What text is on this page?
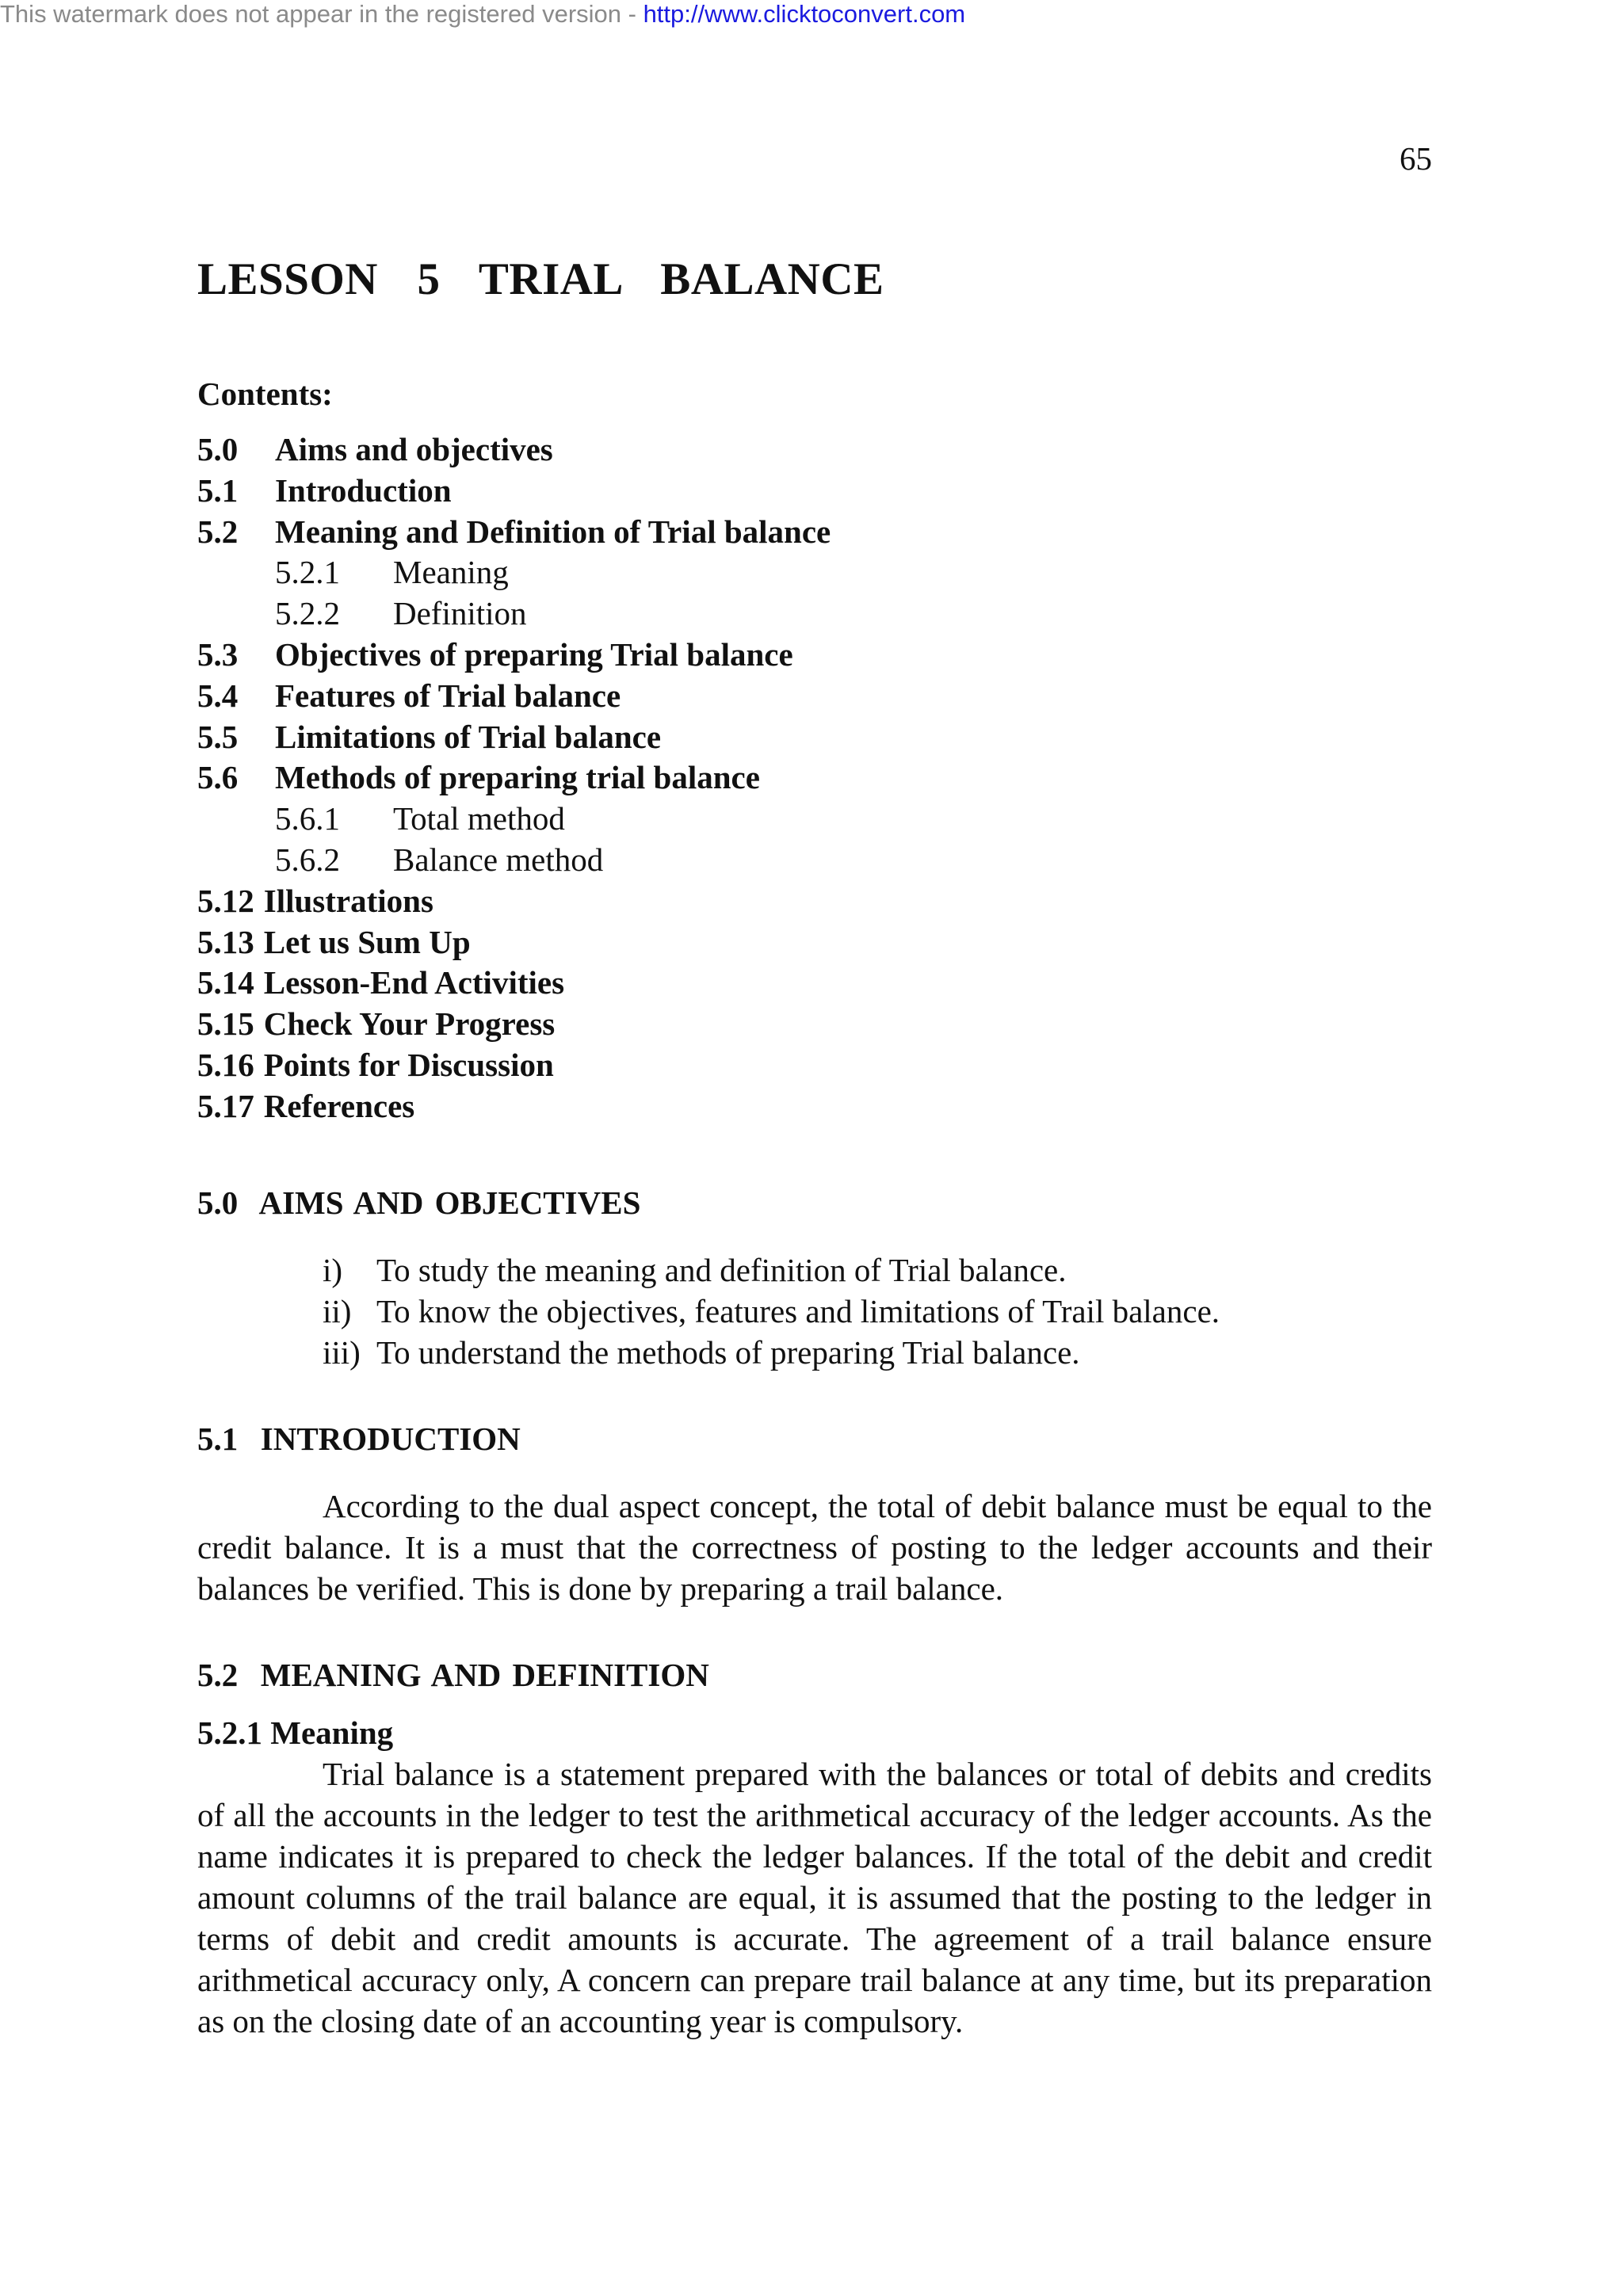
This watermark does not appear in the registered version - http://www.clicktoconvert.com
65
LESSON  5  TRIAL  BALANCE
Contents:
5.0 Aims and objectives
5.1 Introduction
5.2 Meaning and Definition of Trial balance
5.2.1 Meaning
5.2.2 Definition
5.3 Objectives of preparing Trial balance
5.4 Features of Trial balance
5.5 Limitations of Trial balance
5.6 Methods of preparing trial balance
5.6.1 Total method
5.6.2 Balance method
5.12 Illustrations
5.13 Let us Sum Up
5.14 Lesson-End Activities
5.15 Check Your Progress
5.16 Points for Discussion
5.17 References
5.0  AIMS AND OBJECTIVES
i) To study the meaning and definition of Trial balance.
ii) To know the objectives, features and limitations of Trail balance.
iii) To understand the methods of preparing Trial balance.
5.1  INTRODUCTION

According to the dual aspect concept, the total of debit balance must be equal to the credit balance. It is a must that the correctness of posting to the ledger accounts and their balances be verified. This is done by preparing a trail balance.

5.2  MEANING AND DEFINITION
5.2.1 Meaning

Trial balance is a statement prepared with the balances or total of debits and credits of all the accounts in the ledger to test the arithmetical accuracy of the ledger accounts. As the name indicates it is prepared to check the ledger balances. If the total of the debit and credit amount columns of the trail balance are equal, it is assumed that the posting to the ledger in terms of debit and credit amounts is accurate. The agreement of a trail balance ensure arithmetical accuracy only, A concern can prepare trail balance at any time, but its preparation as on the closing date of an accounting year is compulsory.
